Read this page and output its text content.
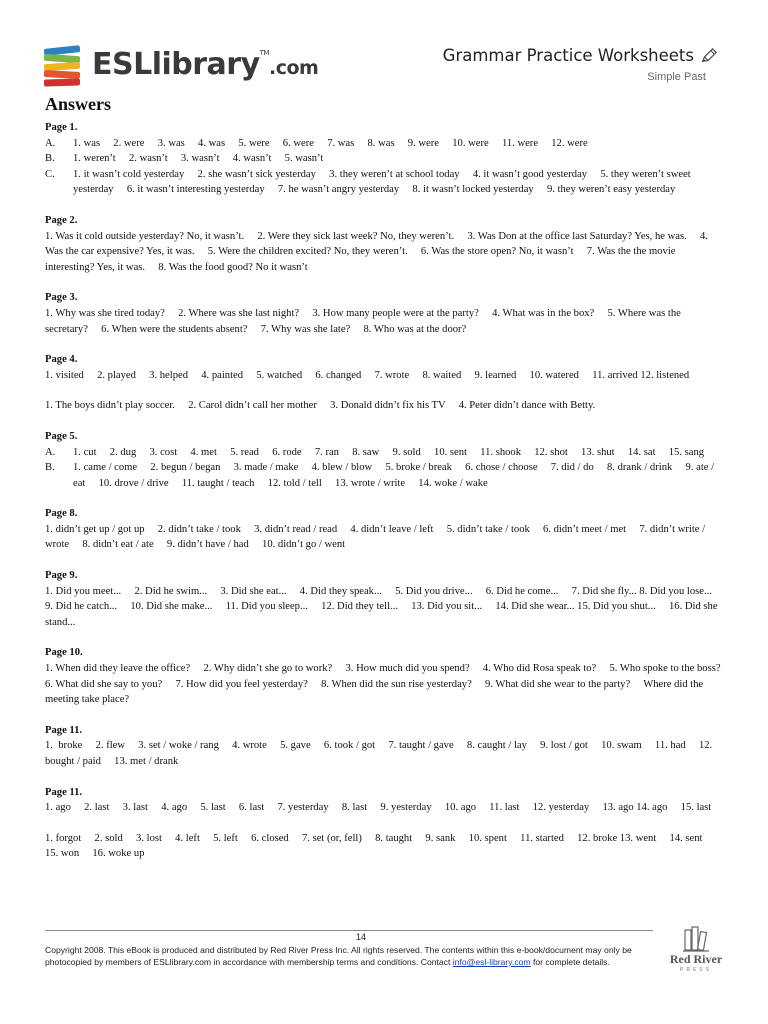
ESLlibrary™.com
Grammar Practice Worksheets
Simple Past
Answers
Page 1.
A.	1. was     2. were     3. was     4. was     5. were     6. were     7. was     8. was     9. were     10. were     11. were     12. were
B.	1. weren’t     2. wasn’t     3. wasn’t     4. wasn’t     5. wasn’t
C.	1. it wasn’t cold yesterday     2. she wasn’t sick yesterday     3. they weren’t at school today     4. it wasn’t good yesterday     5. they weren’t sweet yesterday     6. it wasn’t interesting yesterday     7. he wasn’t angry yesterday     8. it wasn’t locked yesterday     9. they weren’t easy yesterday
Page 2.
1. Was it cold outside yesterday? No, it wasn’t.     2. Were they sick last week? No, they weren’t.     3. Was Don at the office last Saturday? Yes, he was.     4. Was the car expensive? Yes, it was.     5. Were the children excited? No, they weren’t.     6. Was the store open? No, it wasn’t     7. Was the the movie interesting? Yes, it was.     8. Was the food good? No it wasn’t
Page 3.
1. Why was she tired today?     2. Where was she last night?     3. How many people were at the party?     4. What was in the box?     5. Where was the secretary?     6. When were the students absent?     7. Why was she late?     8. Who was at the door?
Page 4.
1. visited     2. played     3. helped     4. painted     5. watched     6. changed     7. wrote     8. waited     9. learned     10. watered     11. arrived 12. listened
1. The boys didn’t play soccer.     2. Carol didn’t call her mother     3. Donald didn’t fix his TV     4. Peter didn’t dance with Betty.
Page 5.
A.	1. cut     2. dug     3. cost     4. met     5. read     6. rode     7. ran     8. saw     9. sold     10. sent     11. shook     12. shot     13. shut     14. sat     15. sang
B.	1. came / come     2. begun / began     3. made / make     4. blew / blow     5. broke / break     6. chose / choose     7. did / do     8. drank / drink     9. ate / eat     10. drove / drive     11. taught / teach     12. told / tell     13. wrote / write     14. woke / wake
Page 8.
1. didn’t get up / got up     2. didn’t take / took     3. didn’t read / read     4. didn’t leave / left     5. didn’t take / took     6. didn’t meet / met     7. didn’t write / wrote     8. didn’t eat / ate     9. didn’t have / had     10. didn’t go / went
Page 9.
1. Did you meet...     2. Did he swim...     3. Did she eat...     4. Did they speak...     5. Did you drive...     6. Did he come...     7. Did she fly... 8. Did you lose...     9. Did he catch...     10. Did she make...     11. Did you sleep...     12. Did they tell...     13. Did you sit...     14. Did she wear... 15. Did you shut...     16. Did she stand...
Page 10.
1. When did they leave the office?     2. Why didn’t she go to work?     3. How much did you spend?     4. Who did Rosa speak to?     5. Who spoke to the boss?     6. What did she say to you?     7. How did you feel yesterday?     8. When did the sun rise yesterday?     9. What did she wear to the party?     Where did the meeting take place?
Page 11.
1.  broke     2. flew     3. set / woke / rang     4. wrote     5. gave     6. took / got     7. taught / gave     8. caught / lay     9. lost / got     10. swam     11. had     12. bought / paid     13. met / drank
Page 11.
1. ago     2. last     3. last     4. ago     5. last     6. last     7. yesterday     8. last     9. yesterday     10. ago     11. last     12. yesterday     13. ago 14. ago     15. last
1. forgot     2. sold     3. lost     4. left     5. left     6. closed     7. set (or, fell)     8. taught     9. sank     10. spent     11. started     12. broke 13. went     14. sent     15. won     16. woke up
14
Copyright 2008. This eBook is produced and distributed by Red River Press Inc. All rights reserved. The contents within this e-book/document may only be photocopied by members of ESLlibrary.com in accordance with membership terms and conditions. Contact info@esl-library.com for complete details.	Red River
PRESS
